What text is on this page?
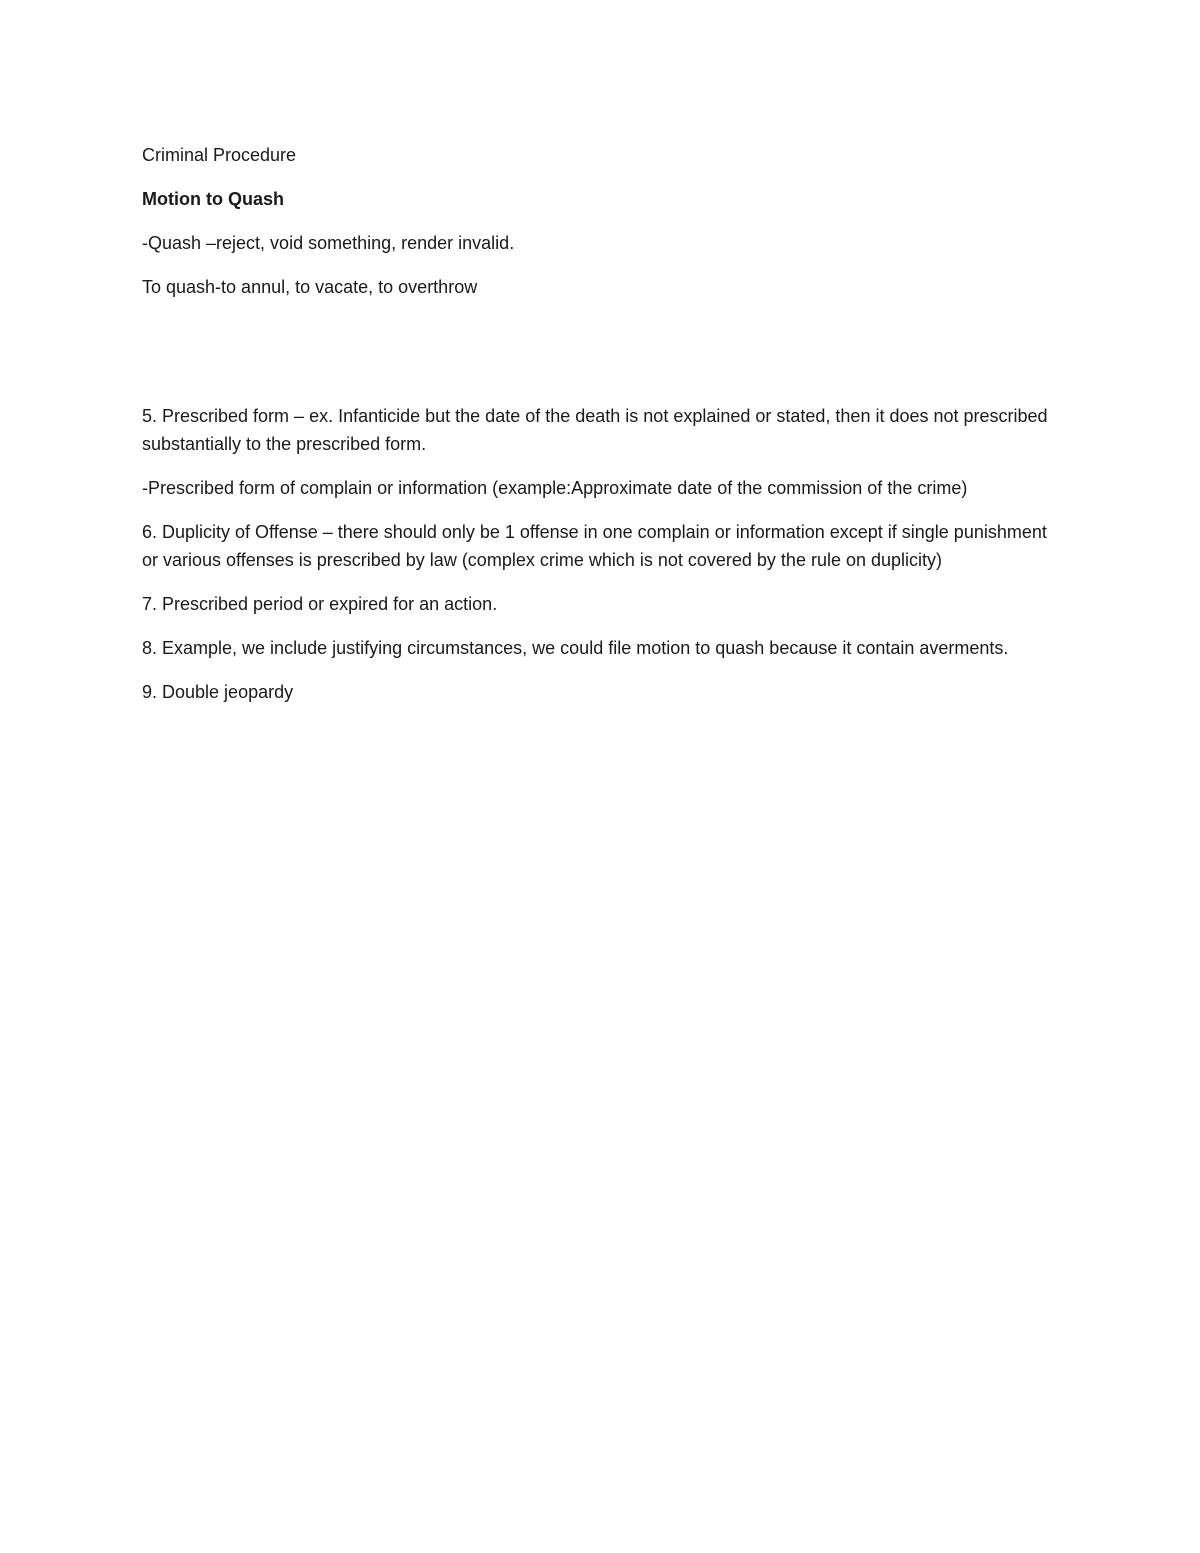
Criminal Procedure

Motion to Quash

-Quash –reject, void something, render invalid.

To quash-to annul, to vacate, to overthrow

5. Prescribed form – ex. Infanticide but the date of the death is not explained or stated, then it does not prescribed substantially to the prescribed form.

-Prescribed form of complain or information (example:Approximate date of the commission of the crime)

6. Duplicity of Offense – there should only be 1 offense in one complain or information except if single punishment or various offenses is prescribed by law (complex crime which is not covered by the rule on duplicity)

7. Prescribed period or expired for an action.

8. Example, we include justifying circumstances, we could file motion to quash because it contain averments.

9. Double jeopardy
